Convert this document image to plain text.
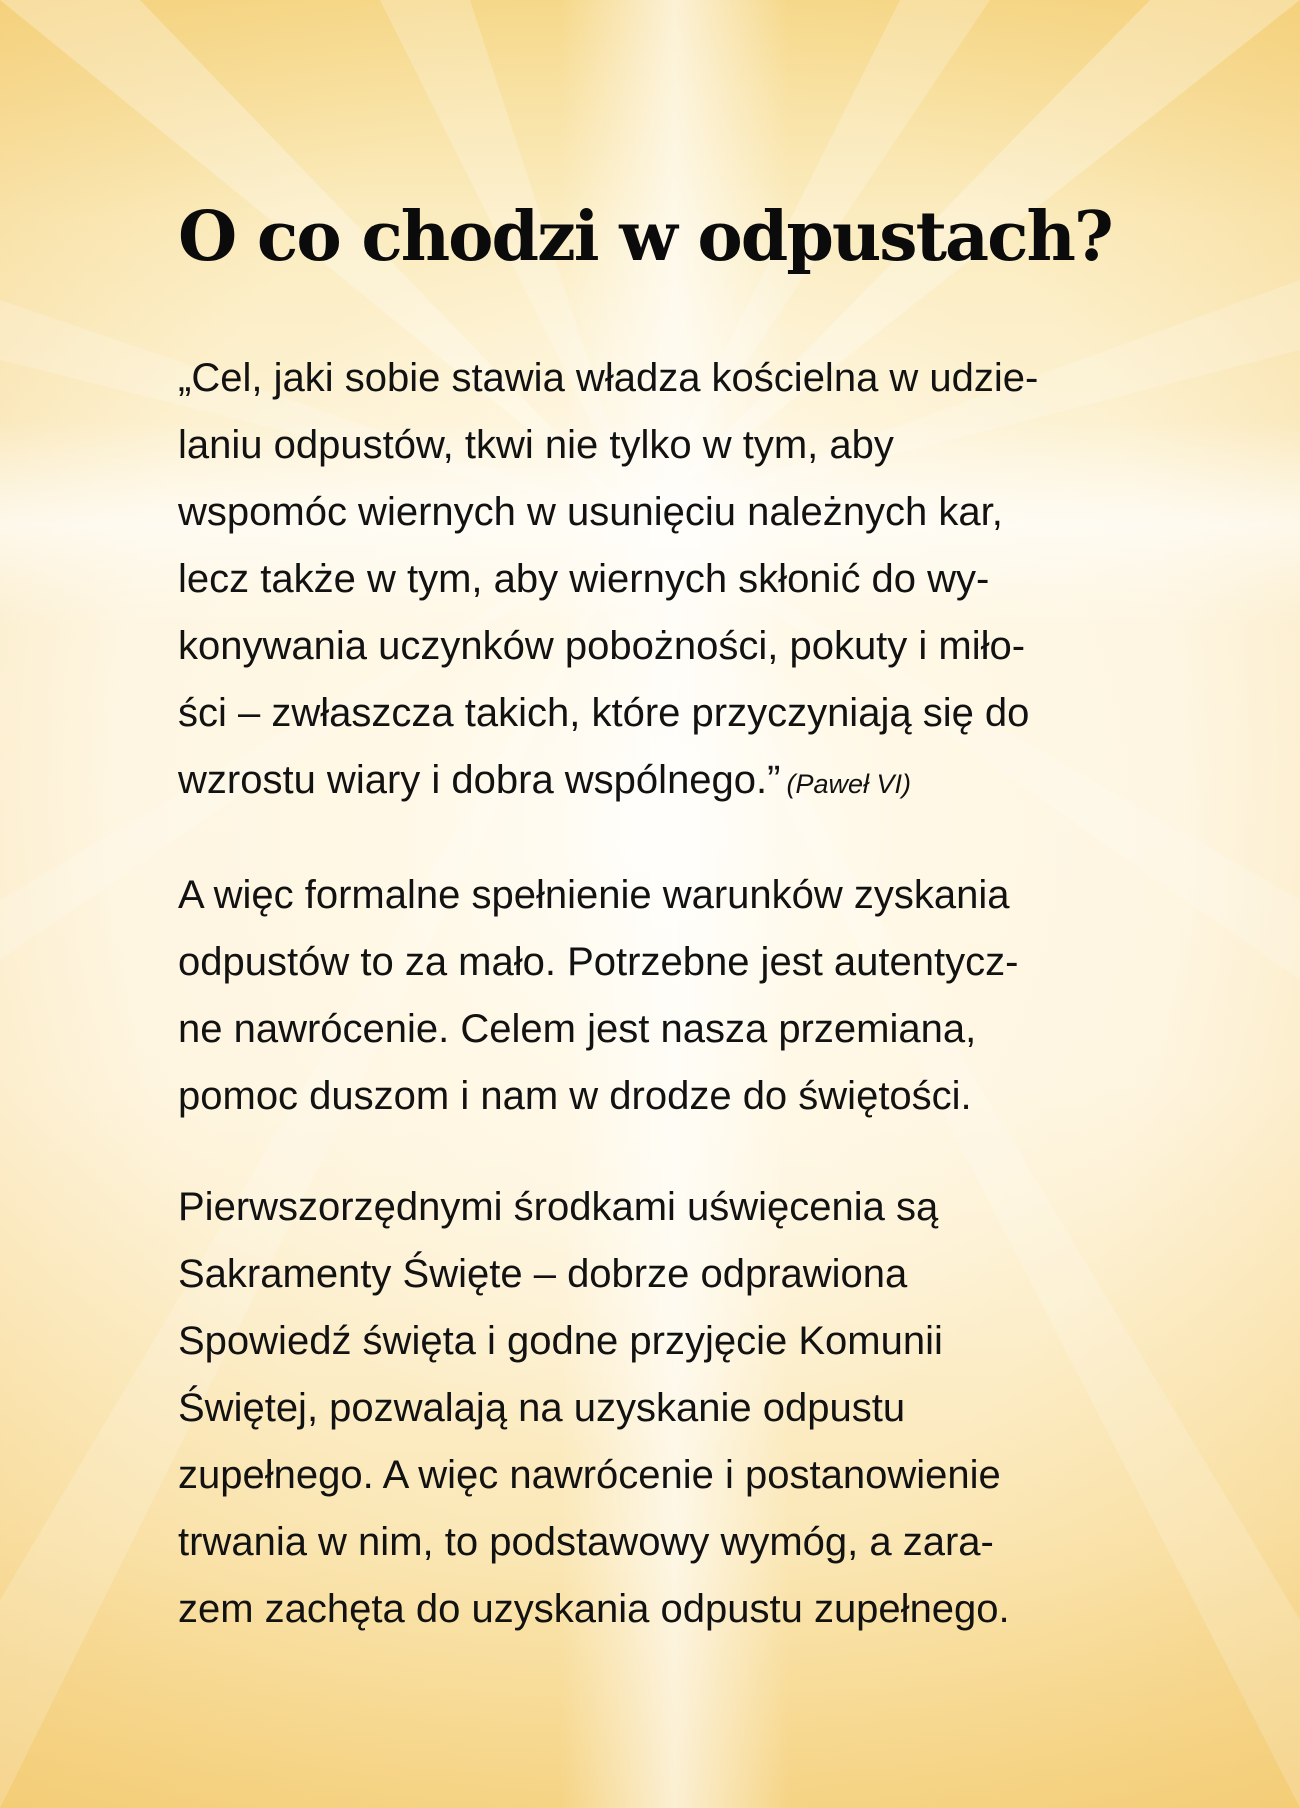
O co chodzi w odpustach?

„Cel, jaki sobie stawia władza kościelna w udzie-
laniu odpustów, tkwi nie tylko w tym, aby
wspomóc wiernych w usunięciu należnych kar,
lecz także w tym, aby wiernych skłonić do wy-
konywania uczynków pobożności, pokuty i miło-
ści – zwłaszcza takich, które przyczyniają się do
wzrostu wiary i dobra wspólnego.” (Paweł VI)

A więc formalne spełnienie warunków zyskania
odpustów to za mało. Potrzebne jest autentycz-
ne nawrócenie. Celem jest nasza przemiana,
pomoc duszom i nam w drodze do świętości.

Pierwszorzędnymi środkami uświęcenia są
Sakramenty Święte – dobrze odprawiona
Spowiedź święta i godne przyjęcie Komunii
Świętej, pozwalają na uzyskanie odpustu
zupełnego. A więc nawrócenie i postanowienie
trwania w nim, to podstawowy wymóg, a zara-
zem zachęta do uzyskania odpustu zupełnego.
